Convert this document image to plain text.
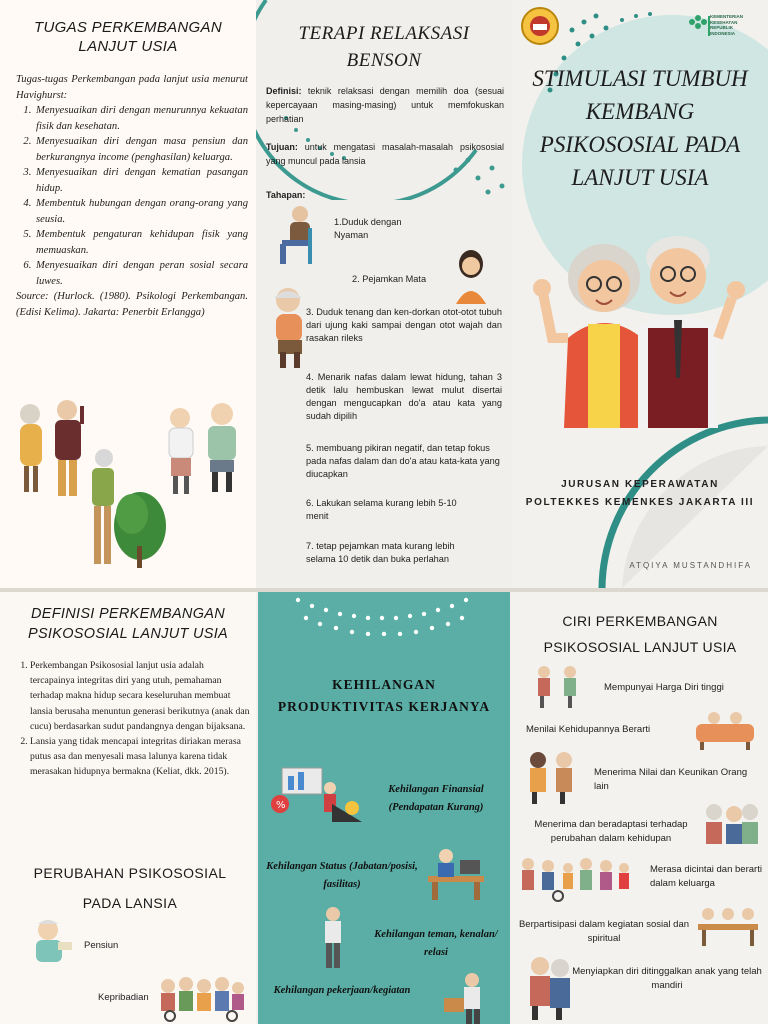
TUGAS PERKEMBANGAN LANJUT USIA
Tugas-tugas Perkembangan pada lanjut usia menurut Havighurst:
1. Menyesuaikan diri dengan menurunnya kekuatan fisik dan kesehatan.
2. Menyesuaikan diri dengan masa pensiun dan berkurangnya income (penghasilan) keluarga.
3. Menyesuaikan diri dengan kematian pasangan hidup.
4. Membentuk hubungan dengan orang-orang yang seusia.
5. Membentuk pengaturan kehidupan fisik yang memuaskan.
6. Menyesuaikan diri dengan peran sosial secara luwes.
Source: (Hurlock. (1980). Psikologi Perkembangan. (Edisi Kelima). Jakarta: Penerbit Erlangga)
TERAPI RELAKSASI BENSON
Definisi: teknik relaksasi dengan memilih doa (sesuai kepercayaan masing-masing) untuk memfokuskan perhatian
Tujuan: untuk mengatasi masalah-masalah psikososial yang muncul pada lansia
Tahapan:
1.Duduk dengan Nyaman
2. Pejamkan Mata
3. Duduk tenang dan ken-dorkan otot-otot tubuh dari ujung kaki sampai dengan otot wajah dan rasakan rileks
4. Menarik nafas dalam lewat hidung, tahan 3 detik lalu hembuskan lewat mulut disertai dengan mengucapkan do'a atau kata yang sudah dipilih
5. membuang pikiran negatif, dan tetap fokus pada nafas dalam dan do'a atau kata-kata yang diucapkan
6. Lakukan selama kurang lebih 5-10 menit
7. tetap pejamkan mata kurang lebih selama 10 detik dan buka perlahan
KEMENTERIAN KESEHATAN REPUBLIK INDONESIA
STIMULASI TUMBUH KEMBANG PSIKOSOSIAL PADA LANJUT USIA
JURUSAN KEPERAWATAN
POLTEKKES KEMENKES JAKARTA III
ATQIYA MUSTANDHIFA
DEFINISI PERKEMBANGAN PSIKOSOSIAL LANJUT USIA
1. Perkembangan Psikososial lanjut usia adalah tercapainya integritas diri yang utuh, pemahaman terhadap makna hidup secara keseluruhan membuat lansia berusaha menuntun generasi berikutnya (anak dan cucu) berdasarkan sudut pandangnya dengan bijaksana.
2. Lansia yang tidak mencapai integritas diriakan merasa putus asa dan menyesali masa lalunya karena tidak merasakan hidupnya bermakna (Keliat, dkk. 2015).
PERUBAHAN PSIKOSOSIAL PADA LANSIA
Pensiun
Kepribadian
KEHILANGAN PRODUKTIVITAS KERJANYA
%
Kehilangan Finansial (Pendapatan Kurang)
Kehilangan Status (Jabatan/posisi, fasilitas)
Kehilangan teman, kenalan/ relasi
Kehilangan pekerjaan/kegiatan
CIRI PERKEMBANGAN PSIKOSOSIAL LANJUT USIA
Mempunyai Harga Diri tinggi
Menilai Kehidupannya Berarti
Menerima Nilai dan Keunikan Orang lain
Menerima dan beradaptasi terhadap perubahan dalam kehidupan
Merasa dicintai dan berarti dalam keluarga
Berpartisipasi dalam kegiatan sosial dan spiritual
Menyiapkan diri ditinggalkan anak yang telah mandiri
